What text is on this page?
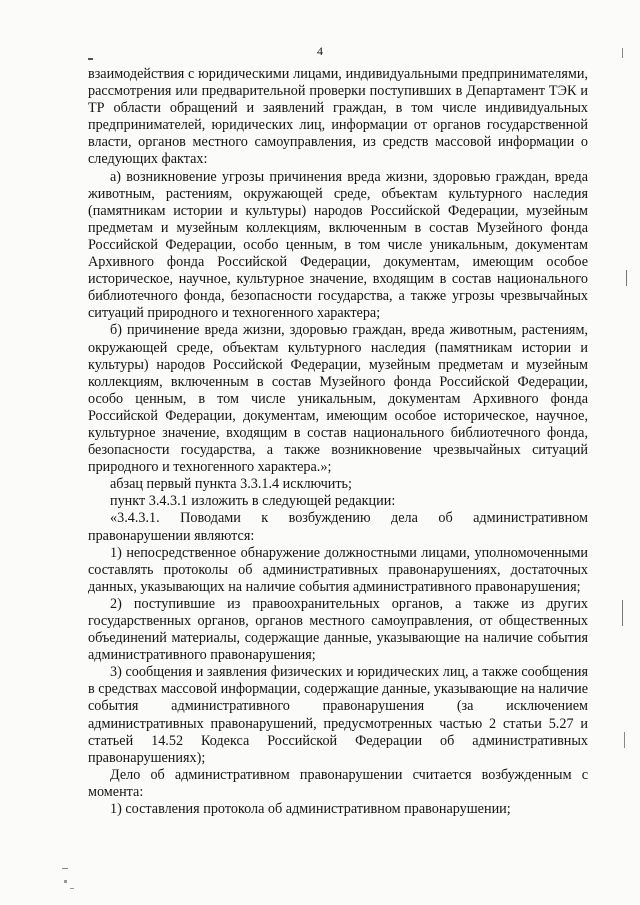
4

взаимодействия с юридическими лицами, индивидуальными предпринимателями, рассмотрения или предварительной проверки поступивших в Департамент ТЭК и ТР области обращений и заявлений граждан, в том числе индивидуальных предпринимателей, юридических лиц, информации от органов государственной власти, органов местного самоуправления, из средств массовой информации о следующих фактах:

а) возникновение угрозы причинения вреда жизни, здоровью граждан, вреда животным, растениям, окружающей среде, объектам культурного наследия (памятникам истории и культуры) народов Российской Федерации, музейным предметам и музейным коллекциям, включенным в состав Музейного фонда Российской Федерации, особо ценным, в том числе уникальным, документам Архивного фонда Российской Федерации, документам, имеющим особое историческое, научное, культурное значение, входящим в состав национального библиотечного фонда, безопасности государства, а также угрозы чрезвычайных ситуаций природного и техногенного характера;

б) причинение вреда жизни, здоровью граждан, вреда животным, растениям, окружающей среде, объектам культурного наследия (памятникам истории и культуры) народов Российской Федерации, музейным предметам и музейным коллекциям, включенным в состав Музейного фонда Российской Федерации, особо ценным, в том числе уникальным, документам Архивного фонда Российской Федерации, документам, имеющим особое историческое, научное, культурное значение, входящим в состав национального библиотечного фонда, безопасности государства, а также возникновение чрезвычайных ситуаций природного и техногенного характера.»;

абзац первый пункта 3.3.1.4 исключить;

пункт 3.4.3.1 изложить в следующей редакции:

«3.4.3.1. Поводами к возбуждению дела об административном правонарушении являются:

1) непосредственное обнаружение должностными лицами, уполномоченными составлять протоколы об административных правонарушениях, достаточных данных, указывающих на наличие события административного правонарушения;

2) поступившие из правоохранительных органов, а также из других государственных органов, органов местного самоуправления, от общественных объединений материалы, содержащие данные, указывающие на наличие события административного правонарушения;

3) сообщения и заявления физических и юридических лиц, а также сообщения в средствах массовой информации, содержащие данные, указывающие на наличие события административного правонарушения (за исключением административных правонарушений, предусмотренных частью 2 статьи 5.27 и статьей 14.52 Кодекса Российской Федерации об административных правонарушениях);

Дело об административном правонарушении считается возбужденным с момента:

1) составления протокола об административном правонарушении;
